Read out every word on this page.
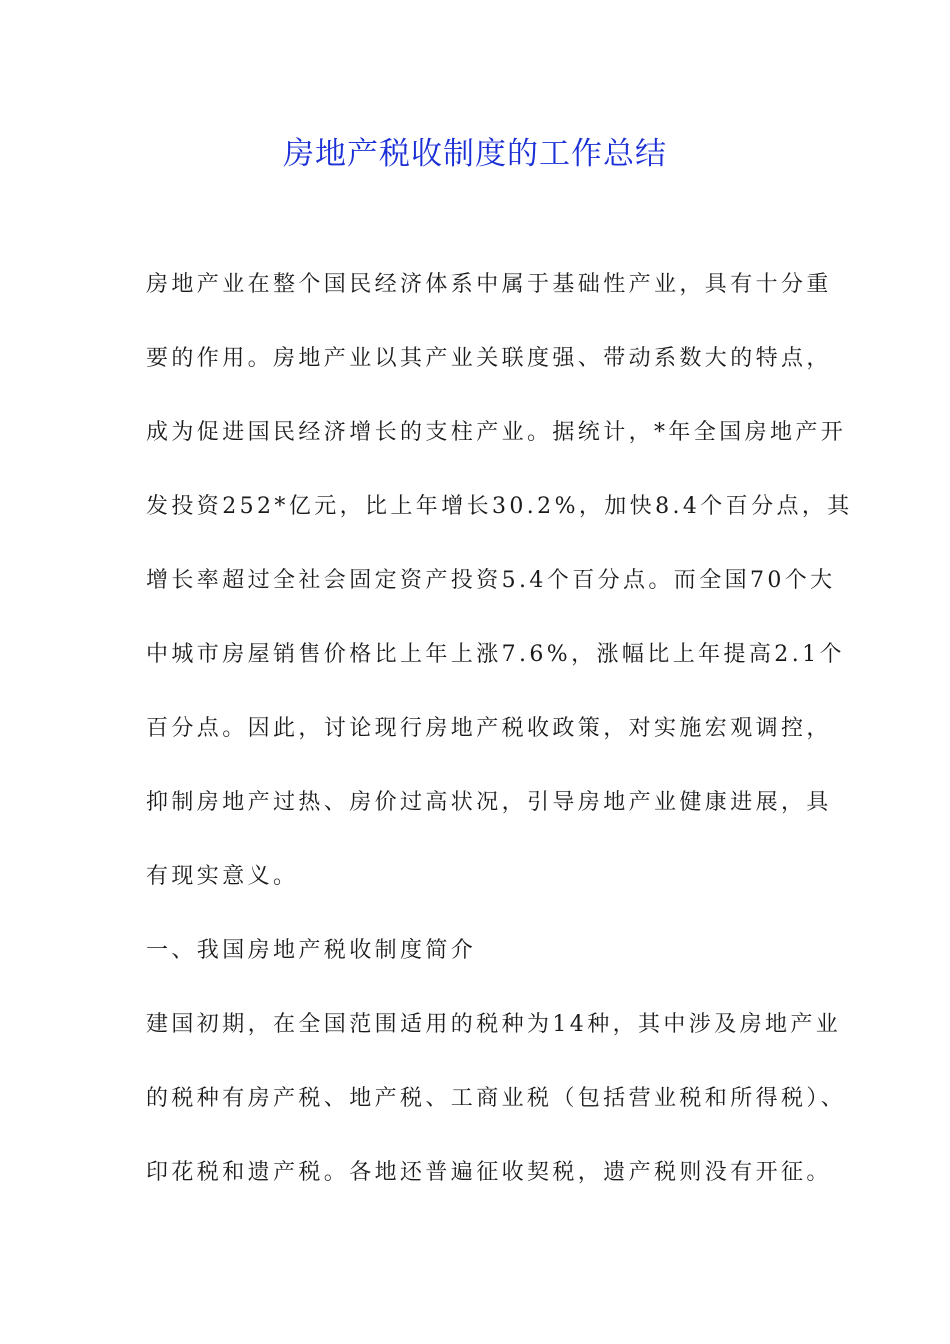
房地产税收制度的工作总结
房地产业在整个国民经济体系中属于基础性产业，具有十分重
要的作用。房地产业以其产业关联度强、带动系数大的特点，
成为促进国民经济增长的支柱产业。据统计，*年全国房地产开
发投资252*亿元，比上年增长30.2%，加快8.4个百分点，其
增长率超过全社会固定资产投资5.4个百分点。而全国70个大
中城市房屋销售价格比上年上涨7.6%，涨幅比上年提高2.1个
百分点。因此，讨论现行房地产税收政策，对实施宏观调控，
抑制房地产过热、房价过高状况，引导房地产业健康进展，具
有现实意义。
一、我国房地产税收制度简介
建国初期，在全国范围适用的税种为14种，其中涉及房地产业
的税种有房产税、地产税、工商业税（包括营业税和所得税）、
印花税和遗产税。各地还普遍征收契税，遗产税则没有开征。
